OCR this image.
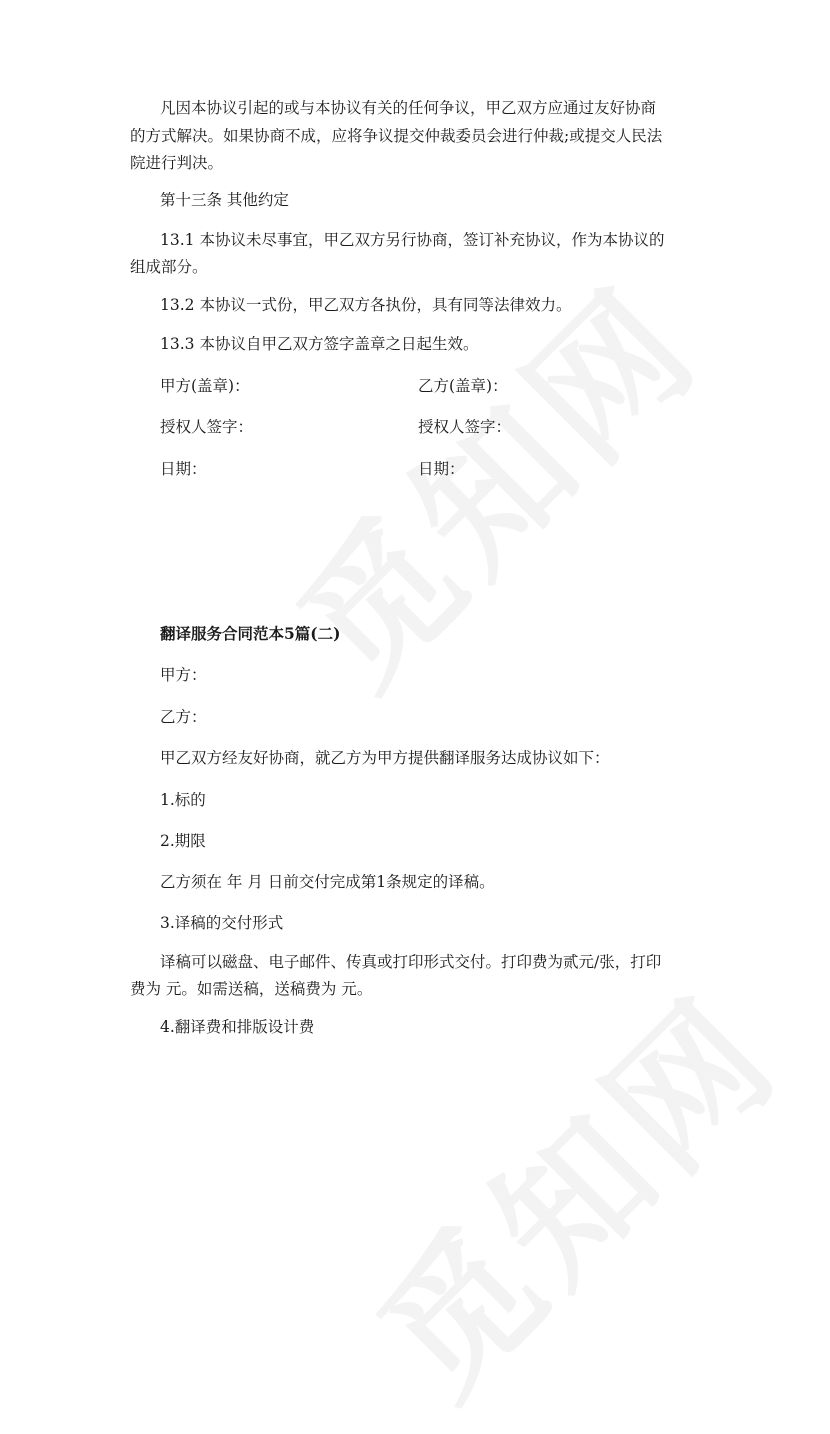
凡因本协议引起的或与本协议有关的任何争议，甲乙双方应通过友好协商

的方式解决。如果协商不成，应将争议提交仲裁委员会进行仲裁;或提交人民法

院进行判决。

第十三条 其他约定

13.1 本协议未尽事宜，甲乙双方另行协商，签订补充协议，作为本协议的

组成部分。

13.2 本协议一式份，甲乙双方各执份，具有同等法律效力。

13.3 本协议自甲乙双方签字盖章之日起生效。

甲方(盖章)：	乙方(盖章)：

授权人签字：	授权人签字：

日期：	日期：

翻译服务合同范本5篇(二)

甲方：

乙方：

甲乙双方经友好协商，就乙方为甲方提供翻译服务达成协议如下：

1.标的

2.期限

乙方须在 年 月 日前交付完成第1条规定的译稿。

3.译稿的交付形式

译稿可以磁盘、电子邮件、传真或打印形式交付。打印费为贰元/张，打印

费为 元。如需送稿，送稿费为 元。

4.翻译费和排版设计费
